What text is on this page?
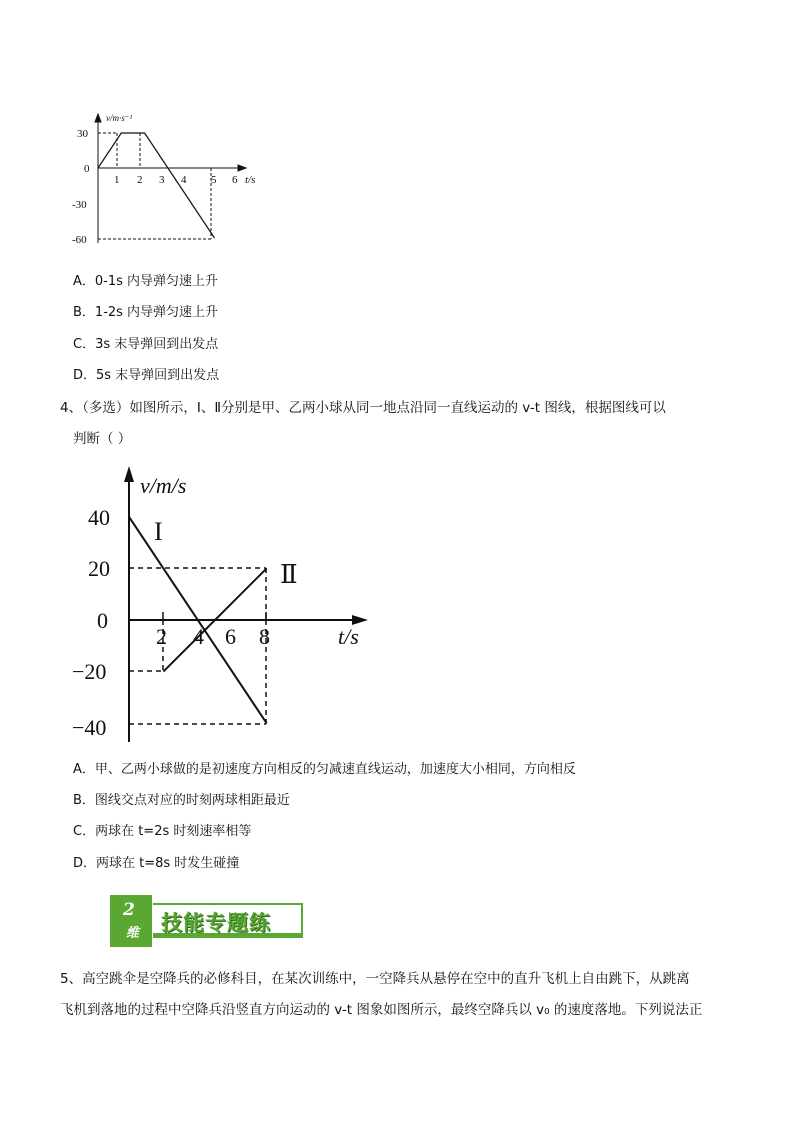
v/m·s⁻¹
30
0
-30
-60
1 2 3 4 5 6 t/s
A．0-1s 内导弹匀速上升
B．1-2s 内导弹匀速上升
C．3s 末导弹回到出发点
D．5s 末导弹回到出发点
4、（多选）如图所示，Ⅰ、Ⅱ分别是甲、乙两小球从同一地点沿同一直线运动的 v-t 图线，根据图线可以
判断（ ）
v/m/s
40
20
0
−20
−40
2 4 6 8	t/s
I
Ⅱ
A．甲、乙两小球做的是初速度方向相反的匀减速直线运动，加速度大小相同，方向相反
B．图线交点对应的时刻两球相距最近
C．两球在 t=2s 时刻速率相等
D．两球在 t=8s 时发生碰撞
2
维 技能专题练
5、高空跳伞是空降兵的必修科目，在某次训练中，一空降兵从悬停在空中的直升飞机上自由跳下，从跳离
飞机到落地的过程中空降兵沿竖直方向运动的 v-t 图象如图所示，最终空降兵以 v₀ 的速度落地。下列说法正
